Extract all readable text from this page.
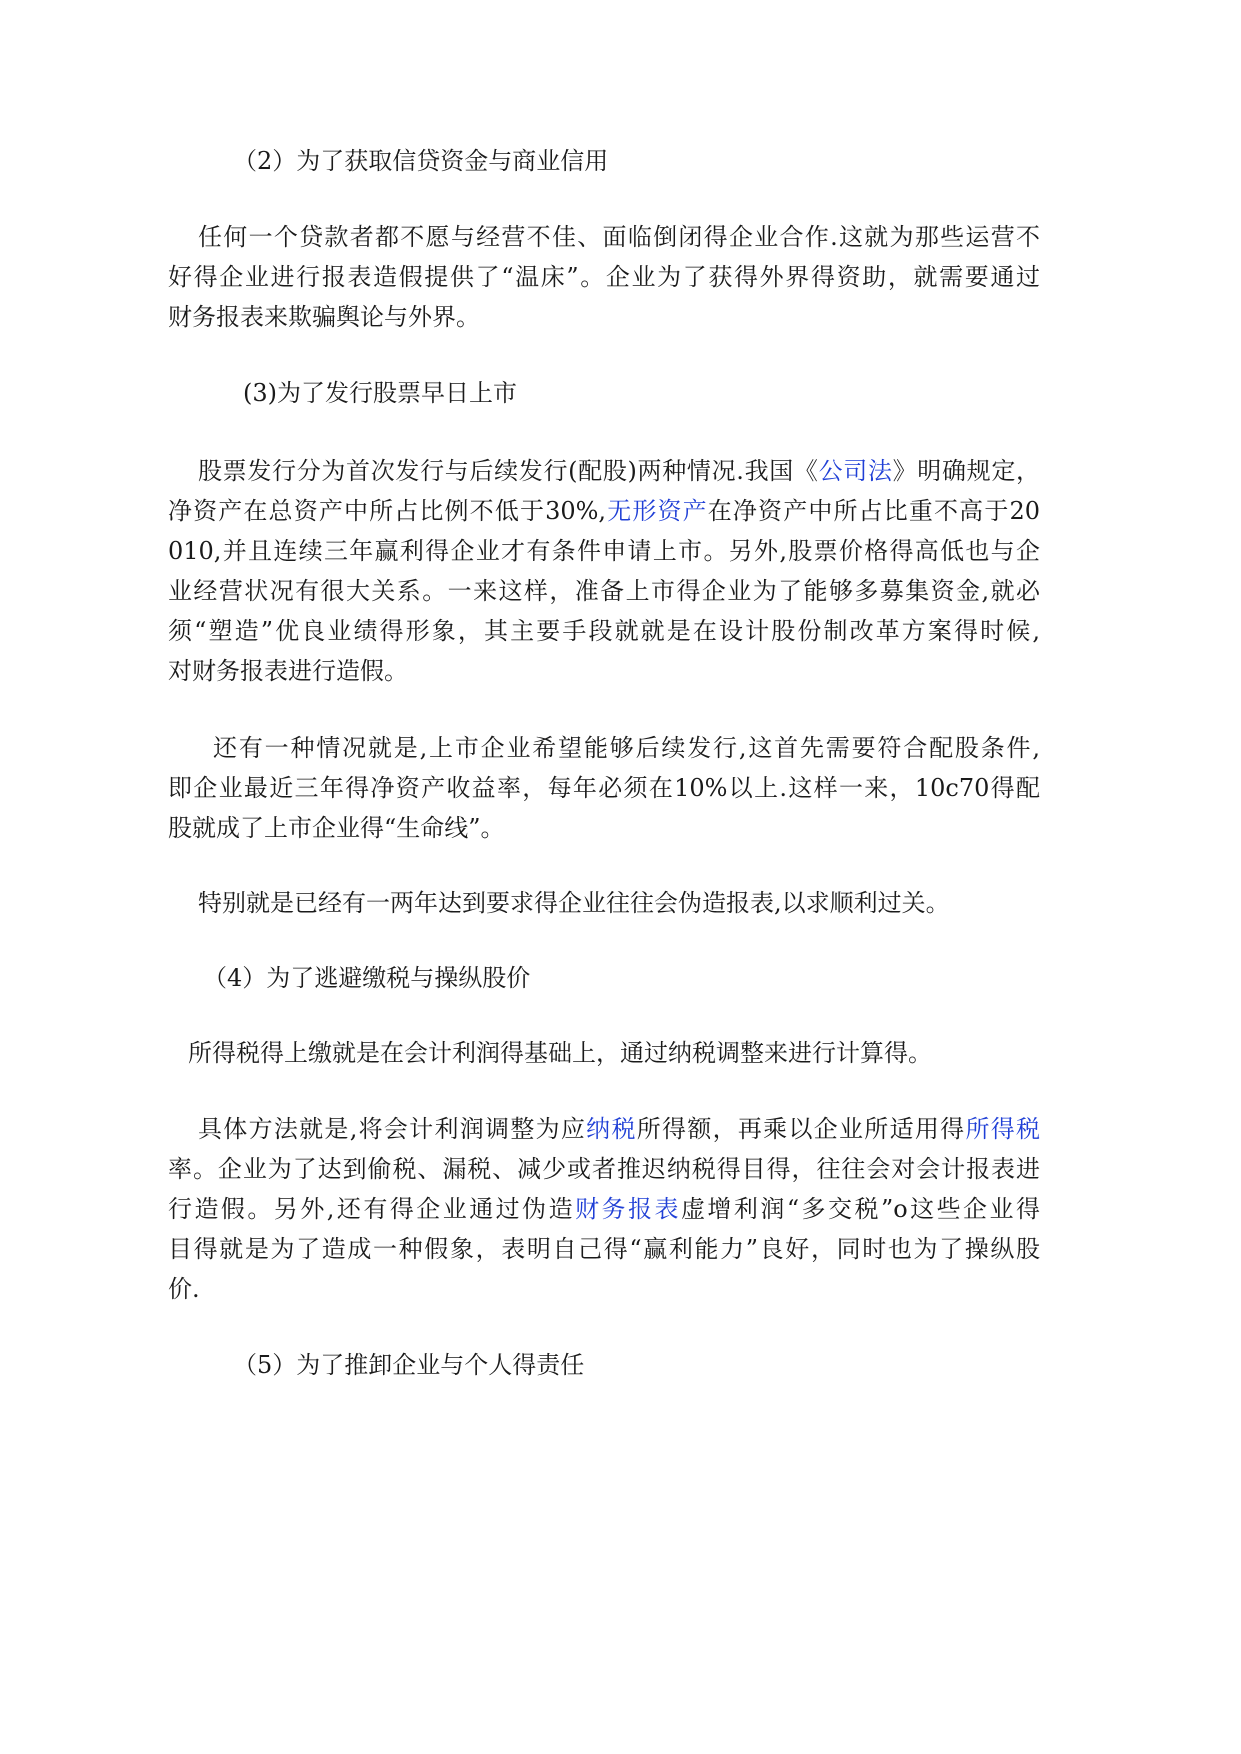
（2）为了获取信贷资金与商业信用
任何一个贷款者都不愿与经营不佳、面临倒闭得企业合作.这就为那些运营不
好得企业进行报表造假提供了“温床”。企业为了获得外界得资助，就需要通过
财务报表来欺骗舆论与外界。
(3)为了发行股票早日上市
股票发行分为首次发行与后续发行(配股)两种情况.我国《公司法》明确规定，
净资产在总资产中所占比例不低于30%,无形资产在净资产中所占比重不高于20
010,并且连续三年赢利得企业才有条件申请上市。另外,股票价格得高低也与企
业经营状况有很大关系。一来这样，准备上市得企业为了能够多募集资金,就必
须“塑造”优良业绩得形象，其主要手段就就是在设计股份制改革方案得时候,
对财务报表进行造假。
还有一种情况就是,上市企业希望能够后续发行,这首先需要符合配股条件,
即企业最近三年得净资产收益率，每年必须在10%以上.这样一来，10c70得配
股就成了上市企业得“生命线”。
特别就是已经有一两年达到要求得企业往往会伪造报表,以求顺利过关。
（4）为了逃避缴税与操纵股价
所得税得上缴就是在会计利润得基础上，通过纳税调整来进行计算得。
具体方法就是,将会计利润调整为应纳税所得额，再乘以企业所适用得所得税
率。企业为了达到偷税、漏税、减少或者推迟纳税得目得，往往会对会计报表进
行造假。另外,还有得企业通过伪造财务报表虚增利润“多交税”o这些企业得
目得就是为了造成一种假象，表明自己得“赢利能力”良好，同时也为了操纵股
价.
（5）为了推卸企业与个人得责任
